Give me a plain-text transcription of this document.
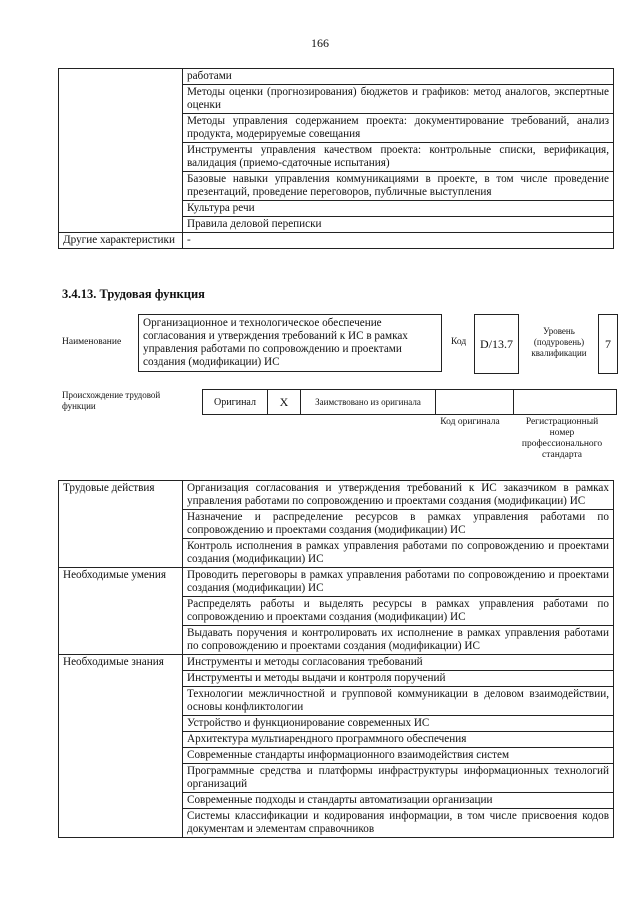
166
	работами
	Методы оценки (прогнозирования) бюджетов и графиков: метод аналогов, экспертные оценки
	Методы управления содержанием проекта: документирование требований, анализ продукта, модерируемые совещания
	Инструменты управления качеством проекта: контрольные списки, верификация, валидация (приемо-сдаточные испытания)
	Базовые навыки управления коммуникациями в проекте, в том числе проведение презентаций, проведение переговоров, публичные выступления
	Культура речи
	Правила деловой переписки
Другие характеристики	-
3.4.13. Трудовая функция
Наименование
Организационное и технологическое обеспечение согласования и утверждения требований к ИС в рамках управления работами по сопровождению и проектами создания (модификации) ИС
Код	D/13.7
Уровень (подуровень) квалификации
7
Происхождение трудовой функции	Оригинал	X	Заимствовано из оригинала
Код оригинала	Регистрационный номер профессионального стандарта
Трудовые действия	Организация согласования и утверждения требований к ИС заказчиком в рамках управления работами по сопровождению и проектами создания (модификации) ИС
	Назначение и распределение ресурсов в рамках управления работами по сопровождению и проектами создания (модификации) ИС
	Контроль исполнения в рамках управления работами по сопровождению и проектами создания (модификации) ИС
Необходимые умения	Проводить переговоры в рамках управления работами по сопровождению и проектами создания (модификации) ИС
	Распределять работы и выделять ресурсы в рамках управления работами по сопровождению и проектами создания (модификации) ИС
	Выдавать поручения и контролировать их исполнение в рамках управления работами по сопровождению и проектами создания (модификации) ИС
Необходимые знания	Инструменты и методы согласования требований
	Инструменты и методы выдачи и контроля поручений
	Технологии межличностной и групповой коммуникации в деловом взаимодействии, основы конфликтологии
	Устройство и функционирование современных ИС
	Архитектура мультиарендного программного обеспечения
	Современные стандарты информационного взаимодействия систем
	Программные средства и платформы инфраструктуры информационных технологий организаций
	Современные подходы и стандарты автоматизации организации
	Системы классификации и кодирования информации, в том числе присвоения кодов документам и элементам справочников
